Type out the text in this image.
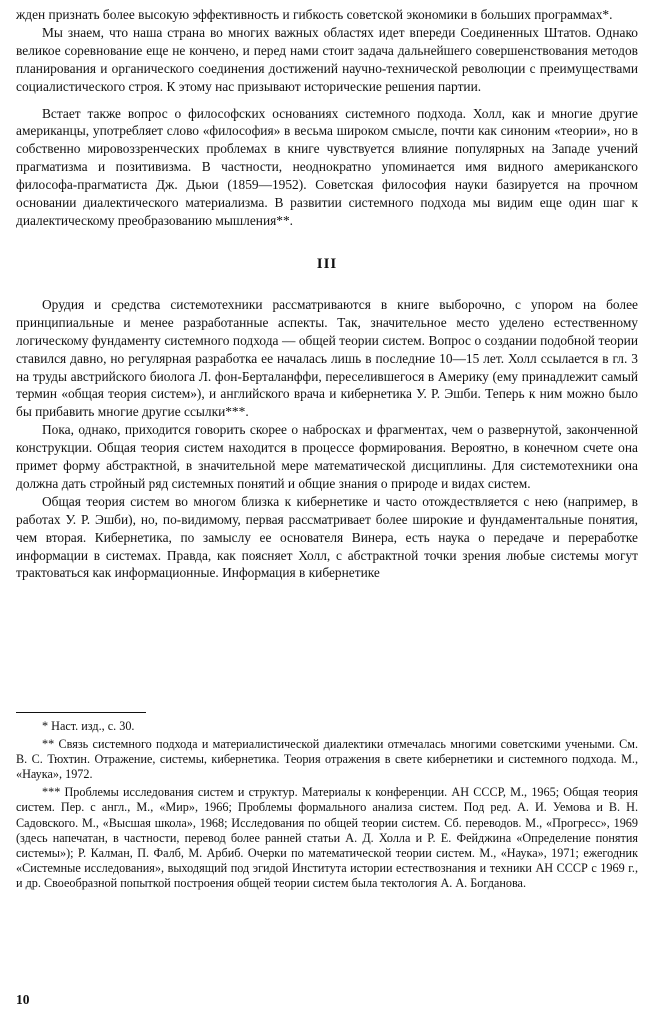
жден признать более высокую эффективность и гибкость советской экономики в больших программах*.

Мы знаем, что наша страна во многих важных областях идет впереди Соединенных Штатов. Однако великое соревнование еще не кончено, и перед нами стоит задача дальнейшего совершенствования методов планирования и органического соединения достижений научно-технической революции с преимуществами социалистического строя. К этому нас призывают исторические решения партии.

Встает также вопрос о философских основаниях системного подхода. Холл, как и многие другие американцы, употребляет слово «философия» в весьма широком смысле, почти как синоним «теории», но в собственно мировоззренческих проблемах в книге чувствуется влияние популярных на Западе учений прагматизма и позитивизма. В частности, неоднократно упоминается имя видного американского философа-прагматиста Дж. Дьюи (1859—1952). Советская философия науки базируется на прочном основании диалектического материализма. В развитии системного подхода мы видим еще один шаг к диалектическому преобразованию мышления**.

III

Орудия и средства системотехники рассматриваются в книге выборочно, с упором на более принципиальные и менее разработанные аспекты. Так, значительное место уделено естественному логическому фундаменту системного подхода — общей теории систем. Вопрос о создании подобной теории ставился давно, но регулярная разработка ее началась лишь в последние 10—15 лет. Холл ссылается в гл. 3 на труды австрийского биолога Л. фон-Берталанффи, переселившегося в Америку (ему принадлежит самый термин «общая теория систем»), и английского врача и кибернетика У. Р. Эшби. Теперь к ним можно было бы прибавить многие другие ссылки***.

Пока, однако, приходится говорить скорее о набросках и фрагментах, чем о развернутой, законченной конструкции. Общая теория систем находится в процессе формирования. Вероятно, в конечном счете она примет форму абстрактной, в значительной мере математической дисциплины. Для системотехники она должна дать стройный ряд системных понятий и общие знания о природе и видах систем.

Общая теория систем во многом близка к кибернетике и часто отождествляется с нею (например, в работах У. Р. Эшби), но, по-видимому, первая рассматривает более широкие и фундаментальные понятия, чем вторая. Кибернетика, по замыслу ее основателя Винера, есть наука о передаче и переработке информации в системах. Правда, как поясняет Холл, с абстрактной точки зрения любые системы могут трактоваться как информационные. Информация в кибернетике

* Наст. изд., с. 30.

** Связь системного подхода и материалистической диалектики отмечалась многими советскими учеными. См. В. С. Тюхтин. Отражение, системы, кибернетика. Теория отражения в свете кибернетики и системного подхода. М., «Наука», 1972.

*** Проблемы исследования систем и структур. Материалы к конференции. АН СССР, М., 1965; Общая теория систем. Пер. с англ., М., «Мир», 1966; Проблемы формального анализа систем. Под ред. А. И. Уемова и В. Н. Садовского. М., «Высшая школа», 1968; Исследования по общей теории систем. Сб. переводов. М., «Прогресс», 1969 (здесь напечатан, в частности, перевод более ранней статьи А. Д. Холла и Р. Е. Фейджина «Определение понятия системы»); Р. Калман, П. Фалб, М. Арбиб. Очерки по математической теории систем. М., «Наука», 1971; ежегодник «Системные исследования», выходящий под эгидой Института истории естествознания и техники АН СССР с 1969 г., и др. Своеобразной попыткой построения общей теории систем была тектология А. А. Богданова.

10
